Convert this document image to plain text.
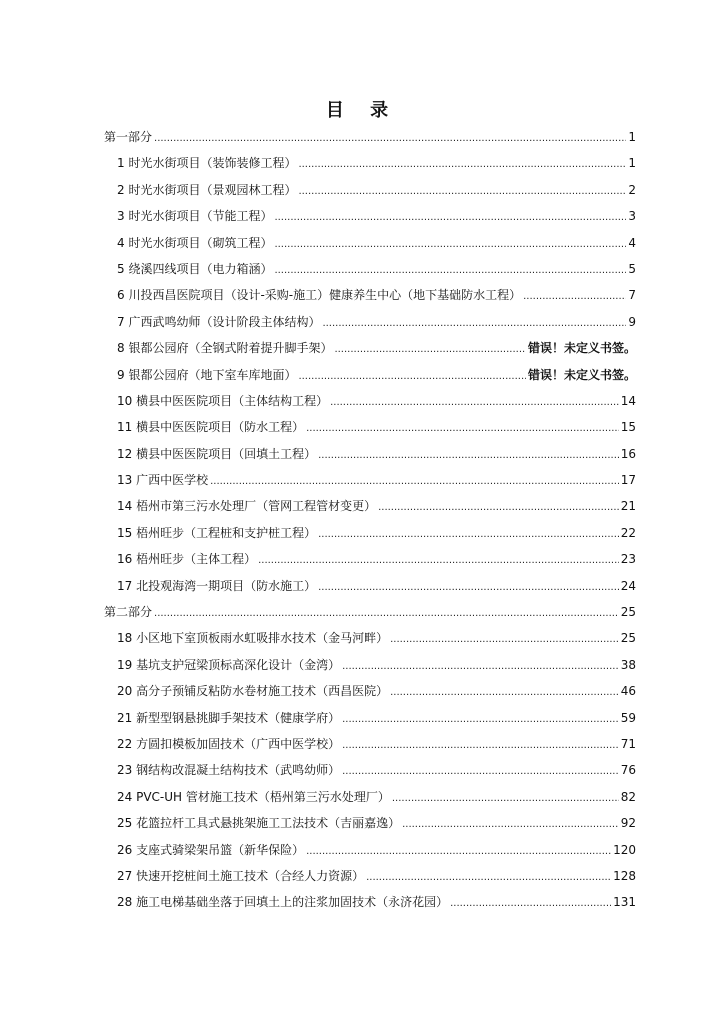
目 录
第一部分 .....	1
1 时光水街项目（装饰装修工程） .....	1
2 时光水街项目（景观园林工程） .....	2
3 时光水街项目（节能工程） .....	3
4 时光水街项目（砌筑工程） .....	4
5 绕溪四线项目（电力箱涵） .....	5
6 川投西昌医院项目（设计-采购-施工）健康养生中心（地下基础防水工程） .....	7
7 广西武鸣幼师（设计阶段主体结构） .....	9
8 银都公园府（全钢式附着提升脚手架） .....	错误！未定义书签。
9 银都公园府（地下室车库地面） .....	错误！未定义书签。
10 横县中医医院项目（主体结构工程） .....	14
11 横县中医医院项目（防水工程） .....	15
12 横县中医医院项目（回填土工程） .....	16
13 广西中医学校 .....	17
14 梧州市第三污水处理厂（管网工程管材变更） .....	21
15 梧州旺步（工程桩和支护桩工程） .....	22
16 梧州旺步（主体工程） .....	23
17 北投观海湾一期项目（防水施工） .....	24
第二部分 .....	25
18 小区地下室顶板雨水虹吸排水技术（金马河畔） .....	25
19 基坑支护冠梁顶标高深化设计（金湾） .....	38
20 高分子预铺反粘防水卷材施工技术（西昌医院） .....	46
21 新型型钢悬挑脚手架技术（健康学府） .....	59
22 方圆扣模板加固技术（广西中医学校） .....	71
23 钢结构改混凝土结构技术（武鸣幼师） .....	76
24 PVC-UH 管材施工技术（梧州第三污水处理厂） .....	82
25 花篮拉杆工具式悬挑架施工工法技术（吉丽嘉逸） .....	92
26 支座式骑梁架吊篮（新华保险） .....	120
27 快速开挖桩间土施工技术（合经人力资源） .....	128
28 施工电梯基础坐落于回填土上的注浆加固技术（永济花园） .....	131
